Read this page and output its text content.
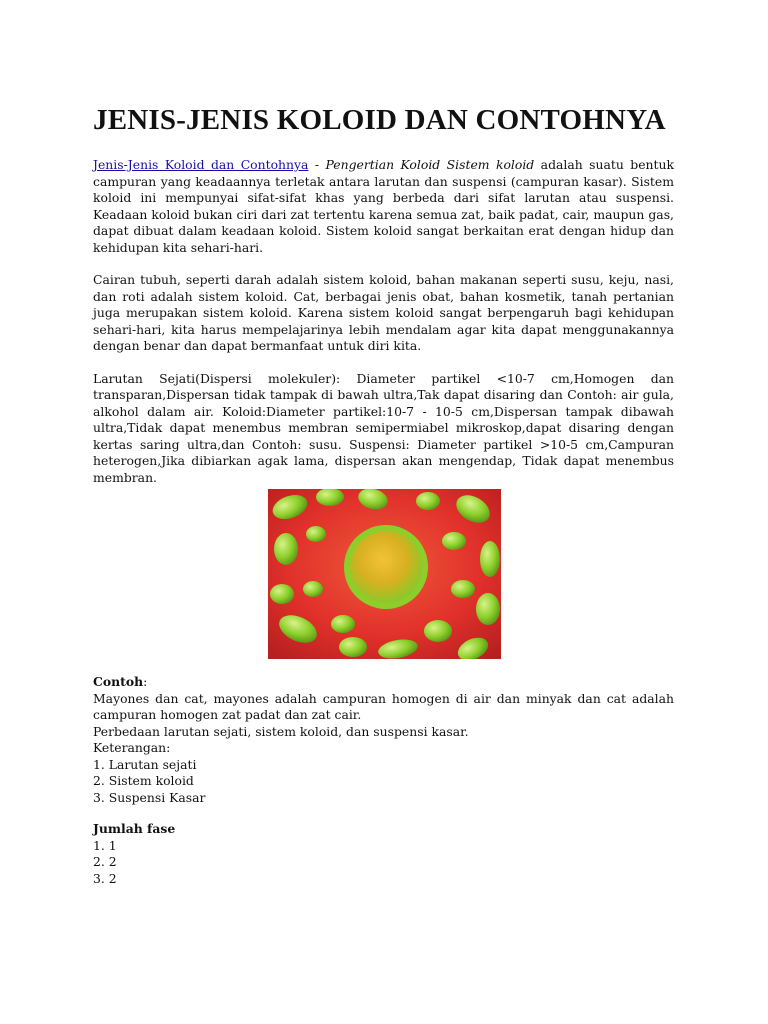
JENIS-JENIS KOLOID DAN CONTOHNYA

Jenis-Jenis Koloid dan Contohnya - Pengertian Koloid Sistem koloid adalah suatu bentuk campuran yang keadaannya terletak antara larutan dan suspensi (campuran kasar). Sistem koloid ini mempunyai sifat-sifat khas yang berbeda dari sifat larutan atau suspensi. Keadaan koloid bukan ciri dari zat tertentu karena semua zat, baik padat, cair, maupun gas, dapat dibuat dalam keadaan koloid. Sistem koloid sangat berkaitan erat dengan hidup dan kehidupan kita sehari-hari.

Cairan tubuh, seperti darah adalah sistem koloid, bahan makanan seperti susu, keju, nasi, dan roti adalah sistem koloid. Cat, berbagai jenis obat, bahan kosmetik, tanah pertanian juga merupakan sistem koloid. Karena sistem koloid sangat berpengaruh bagi kehidupan sehari-hari, kita harus mempelajarinya lebih mendalam agar kita dapat menggunakannya dengan benar dan dapat bermanfaat untuk diri kita.

Larutan Sejati(Dispersi molekuler): Diameter partikel <10-7 cm,Homogen dan transparan,Dispersan tidak tampak di bawah ultra,Tak dapat disaring dan Contoh: air gula, alkohol dalam air. Koloid:Diameter partikel:10-7 - 10-5 cm,Dispersan tampak dibawah ultra,Tidak dapat menembus membran semipermiabel mikroskop,dapat disaring dengan kertas saring ultra,dan Contoh: susu. Suspensi: Diameter partikel >10-5 cm,Campuran heterogen,Jika dibiarkan agak lama, dispersan akan mengendap, Tidak dapat menembus membran.

Contoh:

Mayones dan cat, mayones adalah campuran homogen di air dan minyak dan cat adalah campuran homogen zat padat dan zat cair.

Perbedaan larutan sejati, sistem koloid, dan suspensi kasar.
Keterangan:
1. Larutan sejati
2. Sistem koloid
3. Suspensi Kasar
Jumlah fase
1. 1
2. 2
3. 2
